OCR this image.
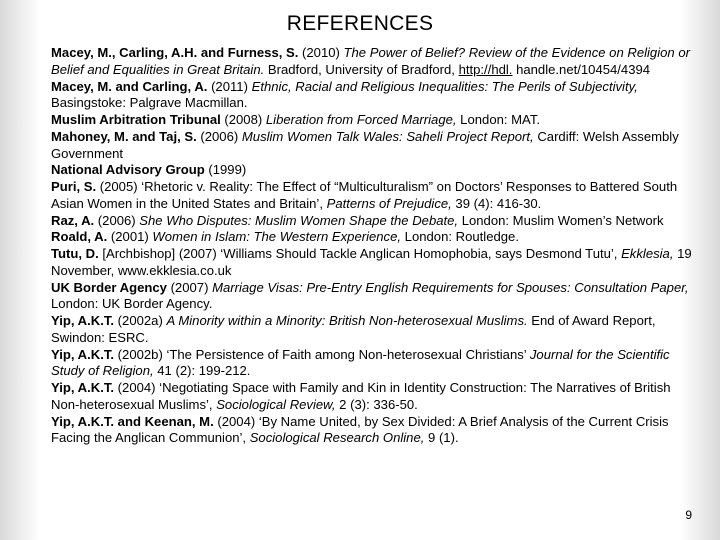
REFERENCES

Macey, M., Carling, A.H. and Furness, S. (2010) The Power of Belief? Review of the Evidence on Religion or Belief and Equalities in Great Britain. Bradford, University of Bradford, http://hdl. handle.net/10454/4394

Macey, M. and Carling, A. (2011) Ethnic, Racial and Religious Inequalities: The Perils of Subjectivity, Basingstoke: Palgrave Macmillan.

Muslim Arbitration Tribunal (2008) Liberation from Forced Marriage, London: MAT.

Mahoney, M. and Taj, S. (2006) Muslim Women Talk Wales: Saheli Project Report, Cardiff: Welsh Assembly Government

National Advisory Group (1999)

Puri, S. (2005) ‘Rhetoric v. Reality: The Effect of “Multiculturalism” on Doctors’ Responses to Battered South Asian Women in the United States and Britain’, Patterns of Prejudice, 39 (4): 416-30.

Raz, A. (2006) She Who Disputes: Muslim Women Shape the Debate, London: Muslim Women’s Network

Roald, A. (2001) Women in Islam: The Western Experience, London: Routledge.

Tutu, D. [Archbishop] (2007) ‘Williams Should Tackle Anglican Homophobia, says Desmond Tutu’, Ekklesia, 19 November, www.ekklesia.co.uk

UK Border Agency (2007) Marriage Visas: Pre-Entry English Requirements for Spouses: Consultation Paper, London: UK Border Agency.

Yip, A.K.T. (2002a) A Minority within a Minority: British Non-heterosexual Muslims. End of Award Report, Swindon: ESRC.

Yip, A.K.T. (2002b) ‘The Persistence of Faith among Non-heterosexual Christians’ Journal for the Scientific Study of Religion, 41 (2): 199-212.

Yip, A.K.T. (2004) ‘Negotiating Space with Family and Kin in Identity Construction: The Narratives of British Non-heterosexual Muslims’, Sociological Review, 2 (3): 336-50.

Yip, A.K.T. and Keenan, M. (2004) ‘By Name United, by Sex Divided: A Brief Analysis of the Current Crisis Facing the Anglican Communion’, Sociological Research Online, 9 (1).

9
